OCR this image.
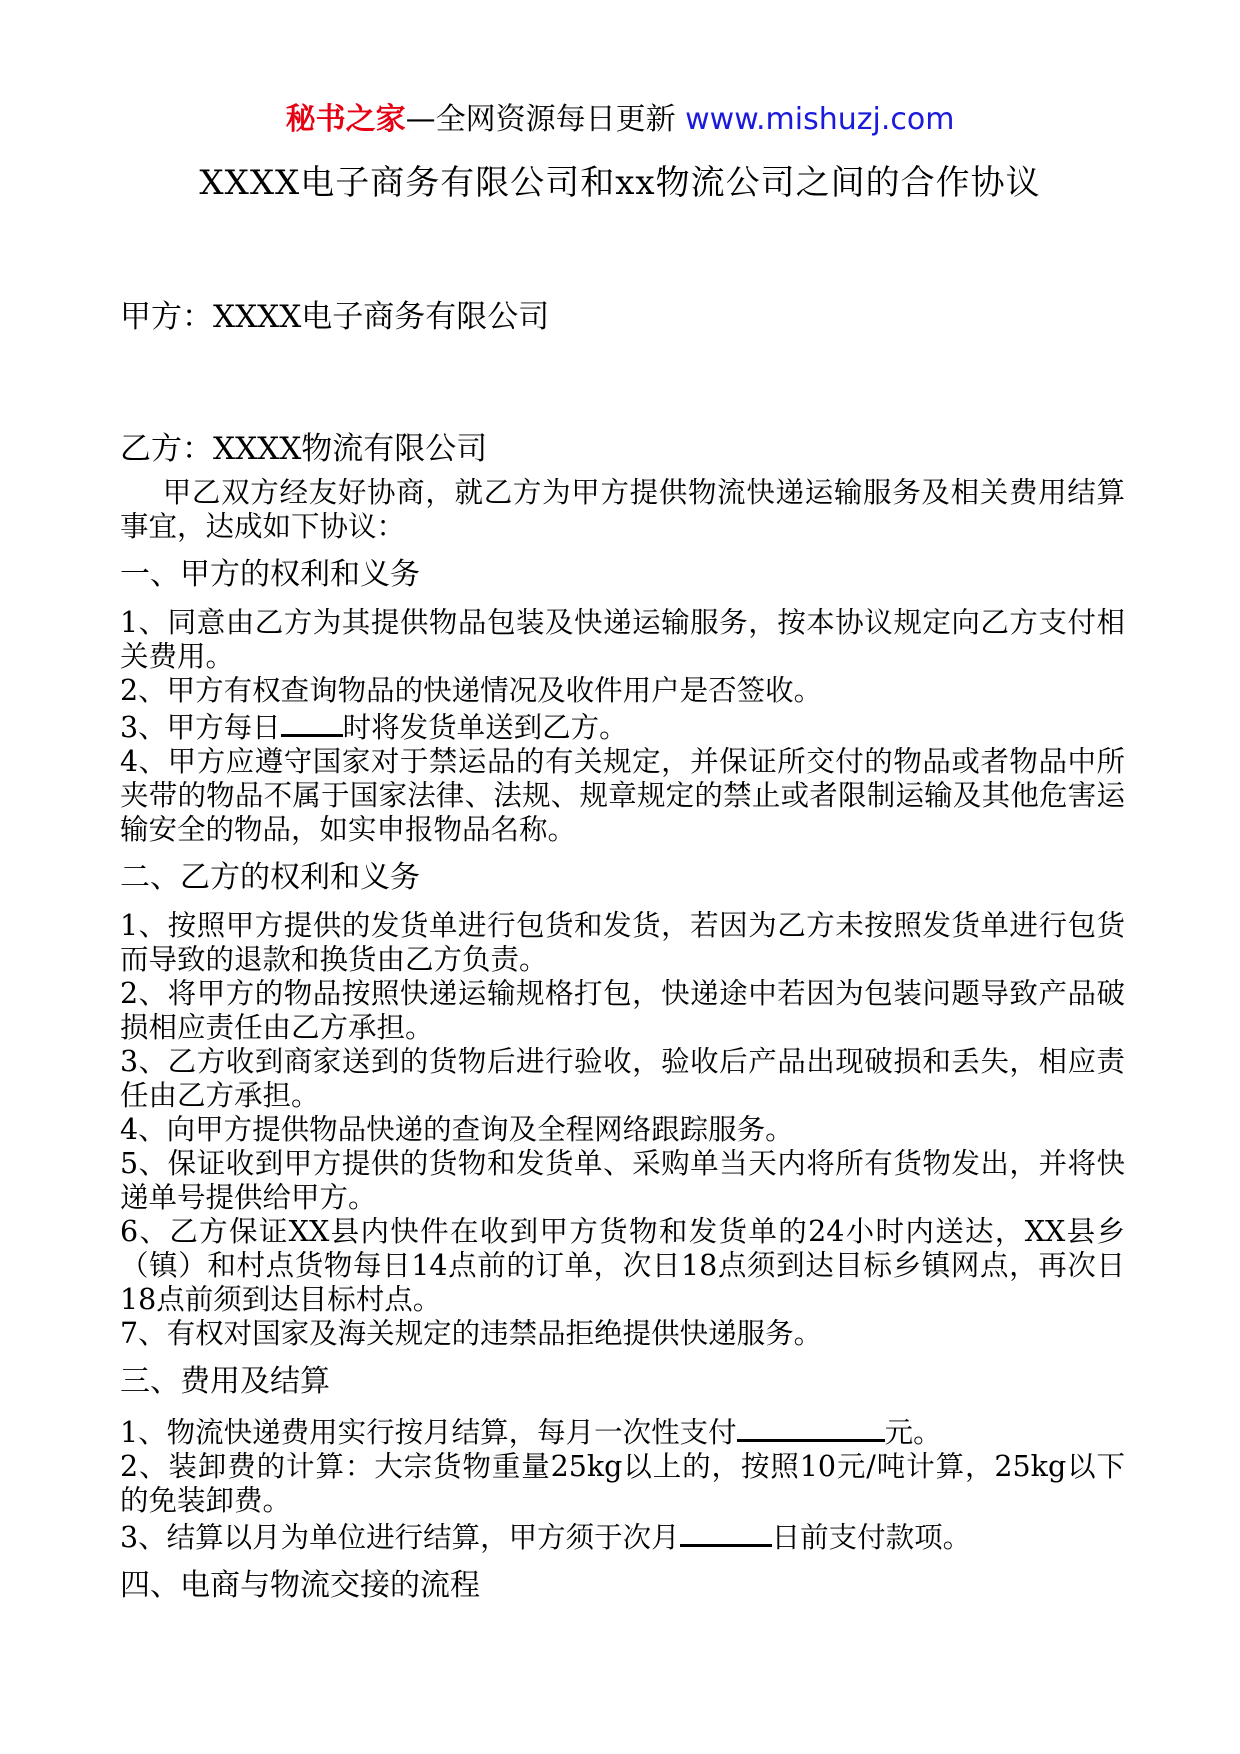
秘书之家—全网资源每日更新 www.mishuzj.com
XXXX电子商务有限公司和xx物流公司之间的合作协议
甲方：XXXX电子商务有限公司
乙方：XXXX物流有限公司

甲乙双方经友好协商，就乙方为甲方提供物流快递运输服务及相关费用结算事宜，达成如下协议：

一、甲方的权利和义务

1、同意由乙方为其提供物品包装及快递运输服务，按本协议规定向乙方支付相关费用。

2、甲方有权查询物品的快递情况及收件用户是否签收。

3、甲方每日 时将发货单送到乙方。

4、甲方应遵守国家对于禁运品的有关规定，并保证所交付的物品或者物品中所夹带的物品不属于国家法律、法规、规章规定的禁止或者限制运输及其他危害运输安全的物品，如实申报物品名称。

二、乙方的权利和义务

1、按照甲方提供的发货单进行包货和发货，若因为乙方未按照发货单进行包货而导致的退款和换货由乙方负责。

2、将甲方的物品按照快递运输规格打包，快递途中若因为包装问题导致产品破损相应责任由乙方承担。

3、乙方收到商家送到的货物后进行验收，验收后产品出现破损和丢失，相应责任由乙方承担。

4、向甲方提供物品快递的查询及全程网络跟踪服务。

5、保证收到甲方提供的货物和发货单、采购单当天内将所有货物发出，并将快递单号提供给甲方。

6、乙方保证XX县内快件在收到甲方货物和发货单的24小时内送达，XX县乡（镇）和村点货物每日14点前的订单，次日18点须到达目标乡镇网点，再次日18点前须到达目标村点。

7、有权对国家及海关规定的违禁品拒绝提供快递服务。

三、费用及结算

1、物流快递费用实行按月结算，每月一次性支付	元。

2、装卸费的计算：大宗货物重量25kg以上的，按照10元/吨计算，25kg以下的免装卸费。

3、结算以月为单位进行结算，甲方须于次月	日前支付款项。

四、电商与物流交接的流程
